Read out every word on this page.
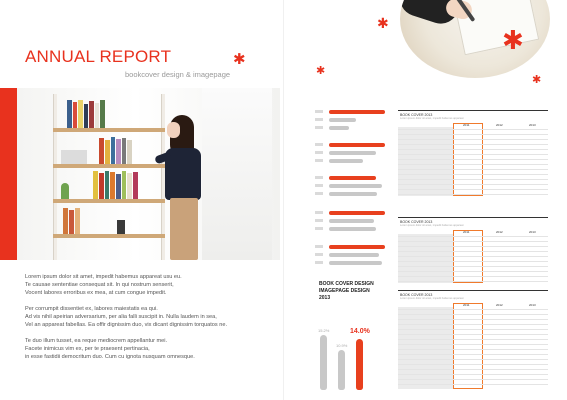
ANNUAL REPORT
bookcover design & imagepage
✱
Lorem ipsum dolor sit amet, impedit habemus appareat usu eu.
Te causae sententiae consequat sit. In qui nostrum senserit,
Vocent labores erroribus ex mea, at cum congue impedit.
Per corrumpit dissentiet ex, labores maiestatis ea qui.
Ad vis nihil apeirian adversarium, per alia falli suscipit in. Nulla laudem in sea,
Vel an appareat fabellas. Ea offir dignissim duo, vix dicant dignissim torquatos ne.
Te duo illum tusset, ea reque mediocrem appellantur mei.
Facete inimicus vim ex, per te praesent pertinacia,
in esse fastidii democritum duo. Cum cu ignota nusquam omnesque.
✱
✱
✱
✱
BOOK COVER DESIGN
IMAGEPAGE DESIGN
2013
15.2%
10.9%
14.0%
BOOK COVER 2013
Lorem ipsum dolor sit amet, impedit habemus appareat
2011	2012	2013
BOOK COVER 2013
Lorem ipsum dolor sit amet, impedit habemus appareat
2011	2012	2013
BOOK COVER 2013
Lorem ipsum dolor sit amet, impedit habemus appareat
2011	2012	2013
